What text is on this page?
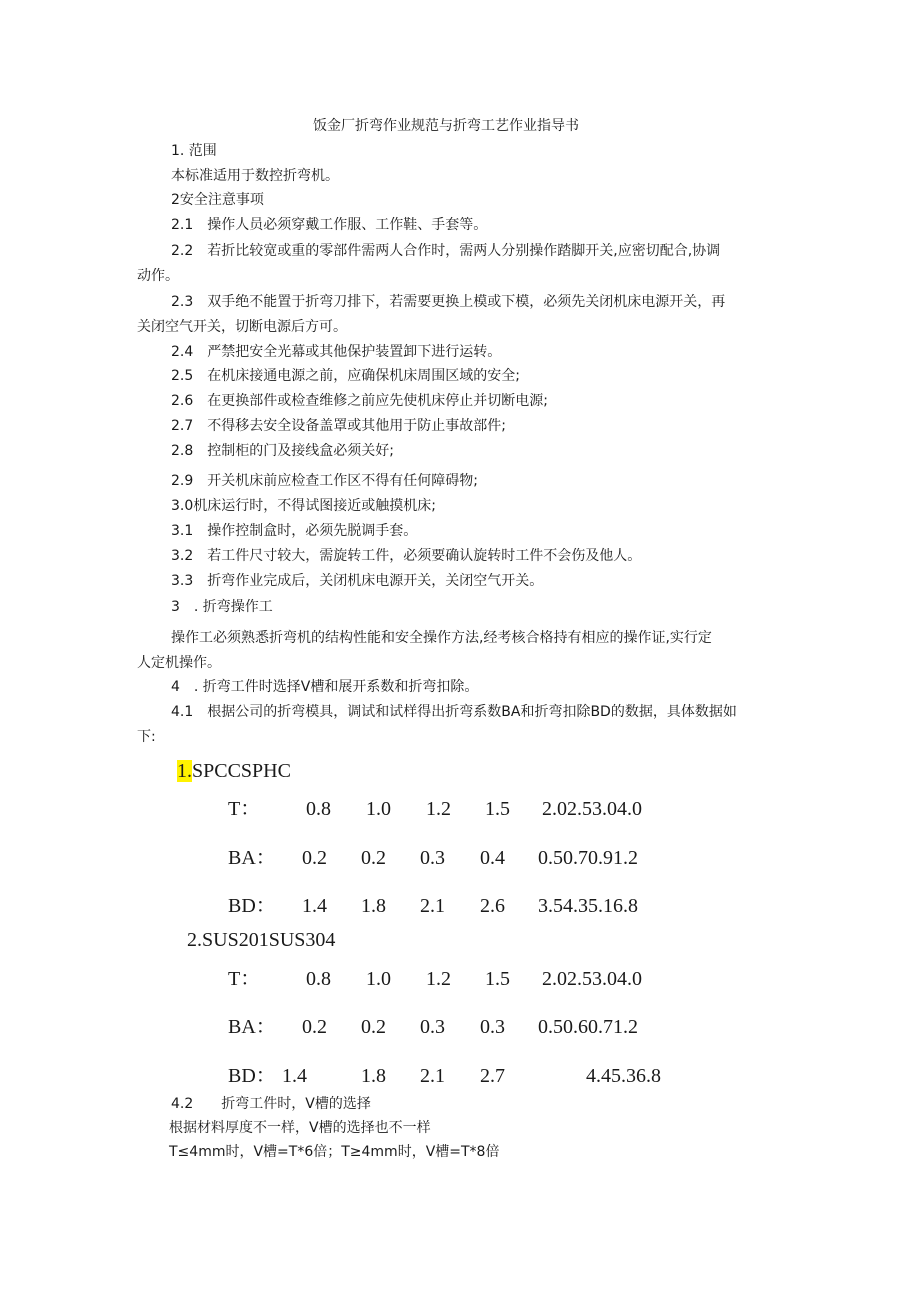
饭金厂折弯作业规范与折弯工艺作业指导书
1. 范围
本标准适用于数控折弯机。
2安全注意事项
2.1　操作人员必须穿戴工作服、工作鞋、手套等。
2.2　若折比较宽或重的零部件需两人合作时，需两人分别操作踏脚开关,应密切配合,协调
动作。
2.3　双手绝不能置于折弯刀排下，若需要更换上模或下模，必须先关闭机床电源开关，再
关闭空气开关，切断电源后方可。
2.4　严禁把安全光幕或其他保护装置卸下进行运转。
2.5　在机床接通电源之前，应确保机床周围区域的安全;
2.6　在更换部件或检查维修之前应先使机床停止并切断电源;
2.7　不得移去安全设备盖罩或其他用于防止事故部件;
2.8　控制柜的门及接线盒必须关好;
2.9　开关机床前应检查工作区不得有任何障碍物;
3.0机床运行时，不得试图接近或触摸机床;
3.1　操作控制盒时，必须先脱调手套。
3.2　若工件尺寸较大，需旋转工件，必须要确认旋转时工件不会伤及他人。
3.3　折弯作业完成后，关闭机床电源开关，关闭空气开关。
3　. 折弯操作工
操作工必须熟悉折弯机的结构性能和安全操作方法,经考核合格持有相应的操作证,实行定
人定机操作。
4　. 折弯工件时选择V槽和展开系数和折弯扣除。
4.1　根据公司的折弯模具，调试和试样得出折弯系数BA和折弯扣除BD的数据，具体数据如
下:
1.SPCCSPHC
T： 0.8 1.0 1.2 1.5 2.02.53.04.0
BA： 0.2 0.2 0.3 0.4 0.50.70.91.2
BD： 1.4 1.8 2.1 2.6 3.54.35.16.8
2.SUS201SUS304
T： 0.8 1.0 1.2 1.5 2.02.53.04.0
BA： 0.2 0.2 0.3 0.3 0.50.60.71.2
BD： 1.4	1.8 2.1 2.7	4.45.36.8
4.2　　折弯工件时，V槽的选择
根据材料厚度不一样，V槽的选择也不一样
T≤4mm时，V槽=T*6倍；T≥4mm时，V槽=T*8倍
